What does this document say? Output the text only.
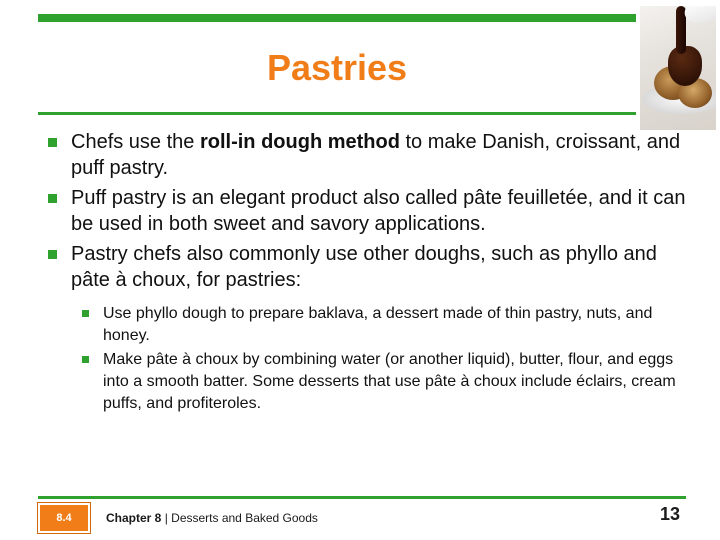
Pastries
Chefs use the roll-in dough method to make Danish, croissant, and puff pastry.
Puff pastry is an elegant product also called pâte feuilletée, and it can be used in both sweet and savory applications.
Pastry chefs also commonly use other doughs, such as phyllo and pâte à choux, for pastries:
Use phyllo dough to prepare baklava, a dessert made of thin pastry, nuts, and honey.
Make pâte à choux by combining water (or another liquid), butter, flour, and eggs into a smooth batter. Some desserts that use pâte à choux include éclairs, cream puffs, and profiteroles.
8.4	Chapter 8 | Desserts and Baked Goods	13
